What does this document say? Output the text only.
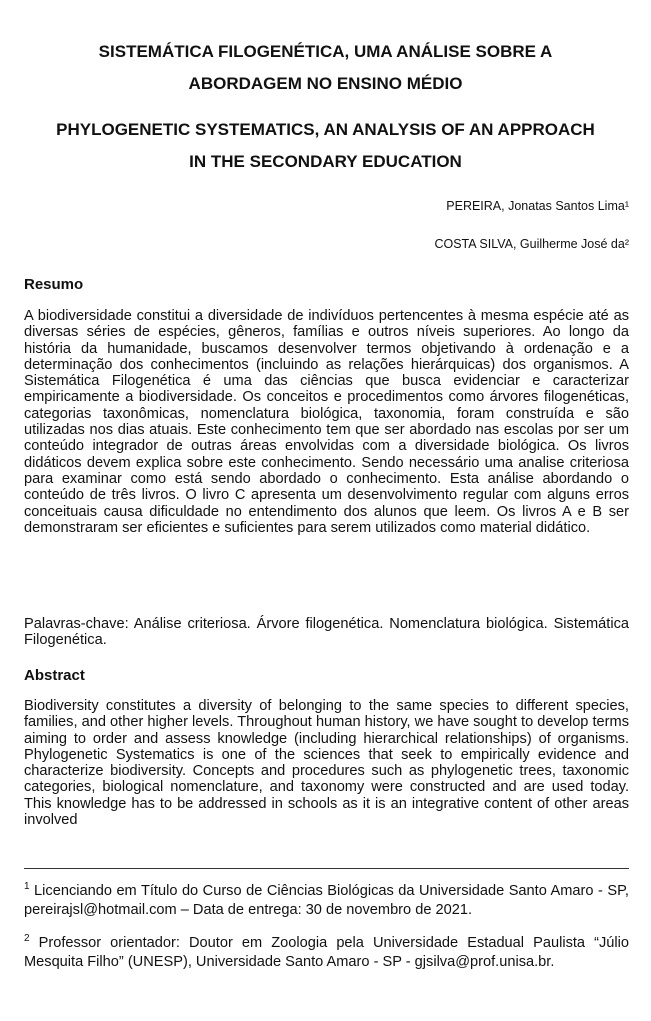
SISTEMÁTICA FILOGENÉTICA, UMA ANÁLISE SOBRE A
ABORDAGEM NO ENSINO MÉDIO
PHYLOGENETIC SYSTEMATICS, AN ANALYSIS OF AN APPROACH
IN THE SECONDARY EDUCATION
PEREIRA, Jonatas Santos Lima¹
COSTA SILVA, Guilherme José da²
Resumo
A biodiversidade constitui a diversidade de indivíduos pertencentes à mesma espécie até as diversas séries de espécies, gêneros, famílias e outros níveis superiores. Ao longo da história da humanidade, buscamos desenvolver termos objetivando à ordenação e a determinação dos conhecimentos (incluindo as relações hierárquicas) dos organismos. A Sistemática Filogenética é uma das ciências que busca evidenciar e caracterizar empiricamente a biodiversidade. Os conceitos e procedimentos como árvores filogenéticas, categorias taxonômicas, nomenclatura biológica, taxonomia, foram construída e são utilizadas nos dias atuais. Este conhecimento tem que ser abordado nas escolas por ser um conteúdo integrador de outras áreas envolvidas com a diversidade biológica. Os livros didáticos devem explica sobre este conhecimento. Sendo necessário uma analise criteriosa para examinar como está sendo abordado o conhecimento. Esta análise abordando o conteúdo de três livros. O livro C apresenta um desenvolvimento regular com alguns erros conceituais causa dificuldade no entendimento dos alunos que leem. Os livros A e B ser demonstraram ser eficientes e suficientes para serem utilizados como material didático.
Palavras-chave: Análise criteriosa. Árvore filogenética. Nomenclatura biológica. Sistemática Filogenética.
Abstract
Biodiversity constitutes a diversity of belonging to the same species to different species, families, and other higher levels. Throughout human history, we have sought to develop terms aiming to order and assess knowledge (including hierarchical relationships) of organisms. Phylogenetic Systematics is one of the sciences that seek to empirically evidence and characterize biodiversity. Concepts and procedures such as phylogenetic trees, taxonomic categories, biological nomenclature, and taxonomy were constructed and are used today. This knowledge has to be addressed in schools as it is an integrative content of other areas involved
$^1$ Licenciando em Título do Curso de Ciências Biológicas da Universidade Santo Amaro - SP, pereirajsl@hotmail.com – Data de entrega: 30 de novembro de 2021.
$^2$ Professor orientador: Doutor em Zoologia pela Universidade Estadual Paulista “Júlio Mesquita Filho” (UNESP), Universidade Santo Amaro - SP - gjsilva@prof.unisa.br.
